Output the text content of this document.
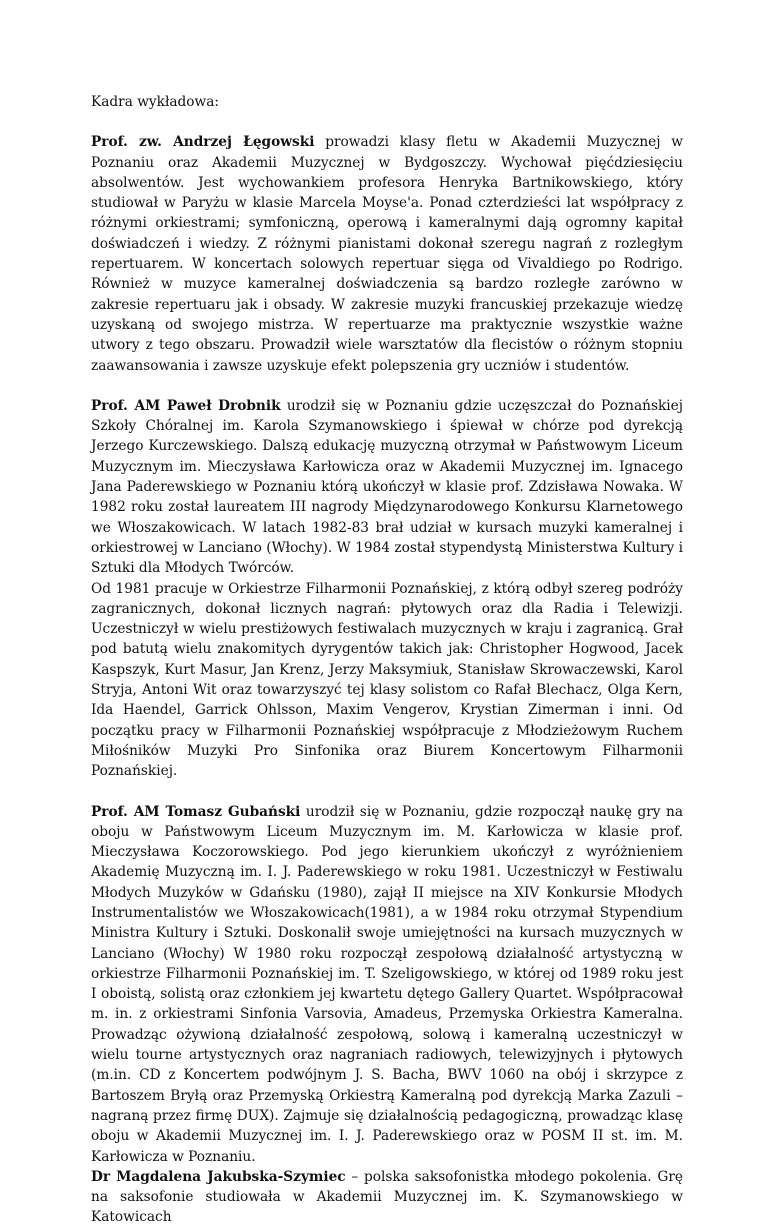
Kadra wykładowa:

Prof. zw. Andrzej Łęgowski prowadzi klasy fletu w Akademii Muzycznej w Poznaniu oraz Akademii Muzycznej w Bydgoszczy. Wychował pięćdziesięciu absolwentów. Jest wychowankiem profesora Henryka Bartnikowskiego, który studiował w Paryżu w klasie Marcela Moyse'a. Ponad czterdzieści lat współpracy z różnymi orkiestrami; symfoniczną, operową i kameralnymi dają ogromny kapitał doświadczeń i wiedzy. Z różnymi pianistami dokonał szeregu nagrań z rozległym repertuarem. W koncertach solowych repertuar sięga od Vivaldiego po Rodrigo. Również w muzyce kameralnej doświadczenia są bardzo rozległe zarówno w zakresie repertuaru jak i obsady. W zakresie muzyki francuskiej przekazuje wiedzę uzyskaną od swojego mistrza. W repertuarze ma praktycznie wszystkie ważne utwory z tego obszaru. Prowadził wiele warsztatów dla flecistów o różnym stopniu zaawansowania i zawsze uzyskuje efekt polepszenia gry uczniów i studentów.

Prof. AM Paweł Drobnik urodził się w Poznaniu gdzie uczęszczał do Poznańskiej Szkoły Chóralnej im. Karola Szymanowskiego i śpiewał w chórze pod dyrekcją Jerzego Kurczewskiego. Dalszą edukację muzyczną otrzymał w Państwowym Liceum Muzycznym im. Mieczysława Karłowicza oraz w Akademii Muzycznej im. Ignacego Jana Paderewskiego w Poznaniu którą ukończył w klasie prof. Zdzisława Nowaka. W 1982 roku został laureatem III nagrody Międzynarodowego Konkursu Klarnetowego we Włoszakowicach. W latach 1982-83 brał udział w kursach muzyki kameralnej i orkiestrowej w Lanciano (Włochy). W 1984 został stypendystą Ministerstwa Kultury i Sztuki dla Młodych Twórców.

Od 1981 pracuje w Orkiestrze Filharmonii Poznańskiej, z którą odbył szereg podróży zagranicznych, dokonał licznych nagrań: płytowych oraz dla Radia i Telewizji. Uczestniczył w wielu prestiżowych festiwalach muzycznych w kraju i zagranicą. Grał pod batutą wielu znakomitych dyrygentów takich jak: Christopher Hogwood, Jacek Kaspszyk, Kurt Masur, Jan Krenz, Jerzy Maksymiuk, Stanisław Skrowaczewski, Karol Stryja, Antoni Wit oraz towarzyszyć tej klasy solistom co Rafał Blechacz, Olga Kern, Ida Haendel, Garrick Ohlsson, Maxim Vengerov, Krystian Zimerman i inni. Od początku pracy w Filharmonii Poznańskiej współpracuje z Młodzieżowym Ruchem Miłośników Muzyki Pro Sinfonika oraz Biurem Koncertowym Filharmonii Poznańskiej.

Prof. AM Tomasz Gubański urodził się w Poznaniu, gdzie rozpoczął naukę gry na oboju w Państwowym Liceum Muzycznym im. M. Karłowicza w klasie prof. Mieczysława Koczorowskiego. Pod jego kierunkiem ukończył z wyróżnieniem Akademię Muzyczną im. I. J. Paderewskiego w roku 1981. Uczestniczył w Festiwalu Młodych Muzyków w Gdańsku (1980), zajął II miejsce na XIV Konkursie Młodych Instrumentalistów we Włoszakowicach(1981), a w 1984 roku otrzymał Stypendium Ministra Kultury i Sztuki. Doskonalił swoje umiejętności na kursach muzycznych w Lanciano (Włochy) W 1980 roku rozpoczął zespołową działalność artystyczną w orkiestrze Filharmonii Poznańskiej im. T. Szeligowskiego, w której od 1989 roku jest I oboistą, solistą oraz członkiem jej kwartetu dętego Gallery Quartet. Współpracował m. in. z orkiestrami Sinfonia Varsovia, Amadeus, Przemyska Orkiestra Kameralna. Prowadząc ożywioną działalność zespołową, solową i kameralną uczestniczył w wielu tourne artystycznych oraz nagraniach radiowych, telewizyjnych i płytowych (m.in. CD z Koncertem podwójnym J. S. Bacha, BWV 1060 na obój i skrzypce z Bartoszem Bryłą oraz Przemyską Orkiestrą Kameralną pod dyrekcją Marka Zazuli – nagraną przez firmę DUX). Zajmuje się działalnością pedagogiczną, prowadząc klasę oboju w Akademii Muzycznej im. I. J. Paderewskiego oraz w POSM II st. im. M. Karłowicza w Poznaniu.

Dr Magdalena Jakubska-Szymiec – polska saksofonistka młodego pokolenia. Grę na saksofonie studiowała w Akademii Muzycznej im. K. Szymanowskiego w Katowicach
